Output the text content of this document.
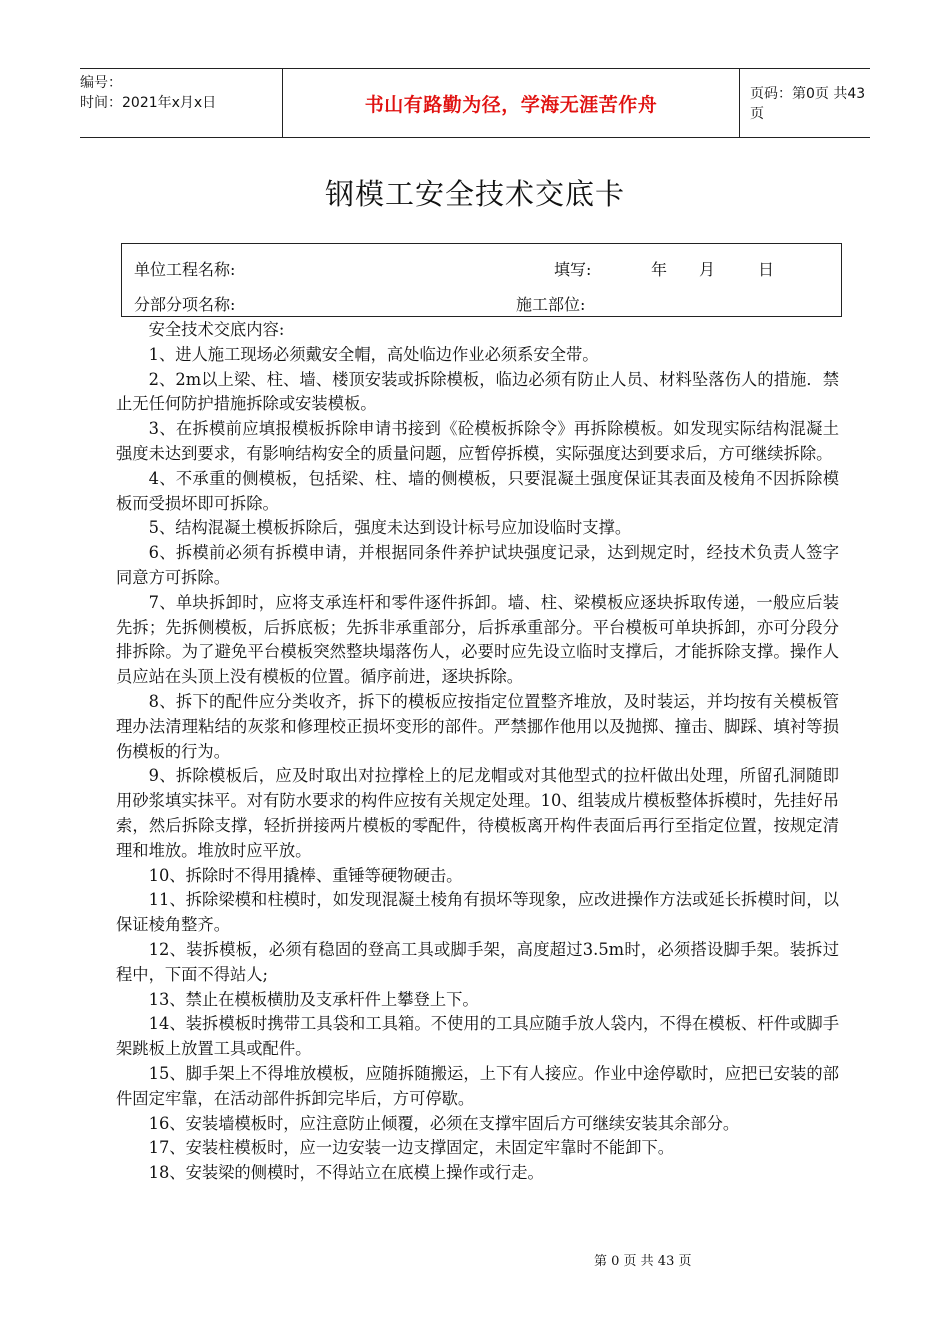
编号：
时间：2021年x月x日	书山有路勤为径，学海无涯苦作舟	页码：第0页 共43页
钢模工安全技术交底卡
单位工程名称:	填写:	年 月	日
分部分项名称:	施工部位:

安全技术交底内容:

1、进人施工现场必须戴安全帽，高处临边作业必须系安全带。

2、2m以上梁、柱、墙、楼顶安装或拆除模板，临边必须有防止人员、材料坠落伤人的措施．禁止无任何防护措施拆除或安装模板。

3、在拆模前应填报模板拆除申请书接到《砼模板拆除令》再拆除模板。如发现实际结构混凝土强度未达到要求，有影响结构安全的质量问题，应暂停拆模，实际强度达到要求后，方可继续拆除。

4、不承重的侧模板，包括梁、柱、墙的侧模板，只要混凝土强度保证其表面及棱角不因拆除模板而受损坏即可拆除。

5、结构混凝土模板拆除后，强度未达到设计标号应加设临时支撑。

6、拆模前必须有拆模申请，并根据同条件养护试块强度记录，达到规定时，经技术负责人签字同意方可拆除。

7、单块拆卸时，应将支承连杆和零件逐件拆卸。墙、柱、梁模板应逐块拆取传递，一般应后装先拆；先拆侧模板，后拆底板；先拆非承重部分，后拆承重部分。平台模板可单块拆卸，亦可分段分排拆除。为了避免平台模板突然整块塌落伤人，必要时应先设立临时支撑后，才能拆除支撑。操作人员应站在头顶上没有模板的位置。循序前进，逐块拆除。

8、拆下的配件应分类收齐，拆下的模板应按指定位置整齐堆放，及时装运，并均按有关模板管理办法清理粘结的灰浆和修理校正损坏变形的部件。严禁挪作他用以及抛掷、撞击、脚踩、填衬等损伤模板的行为。

9、拆除模板后，应及时取出对拉撑栓上的尼龙帽或对其他型式的拉杆做出处理，所留孔洞随即用砂浆填实抹平。对有防水要求的构件应按有关规定处理。10、组装成片模板整体拆模时，先挂好吊索，然后拆除支撑，轻折拼接两片模板的零配件，待模板离开构件表面后再行至指定位置，按规定清理和堆放。堆放时应平放。

10、拆除时不得用撬棒、重锤等硬物硬击。

11、拆除梁模和柱模时，如发现混凝土棱角有损坏等现象，应改进操作方法或延长拆模时间，以保证棱角整齐。

12、装拆模板，必须有稳固的登高工具或脚手架，高度超过3.5m时，必须搭设脚手架。装拆过程中，下面不得站人;

13、禁止在模板横肋及支承杆件上攀登上下。

14、装拆模板时携带工具袋和工具箱。不使用的工具应随手放人袋内，不得在模板、杆件或脚手架跳板上放置工具或配件。

15、脚手架上不得堆放模板，应随拆随搬运，上下有人接应。作业中途停歇时，应把已安装的部件固定牢靠，在活动部件拆卸完毕后，方可停歇。

16、安装墙模板时，应注意防止倾覆，必须在支撑牢固后方可继续安装其余部分。

17、安装柱模板时，应一边安装一边支撑固定，未固定牢靠时不能卸下。

18、安装梁的侧模时，不得站立在底模上操作或行走。

第 0 页 共 43 页
